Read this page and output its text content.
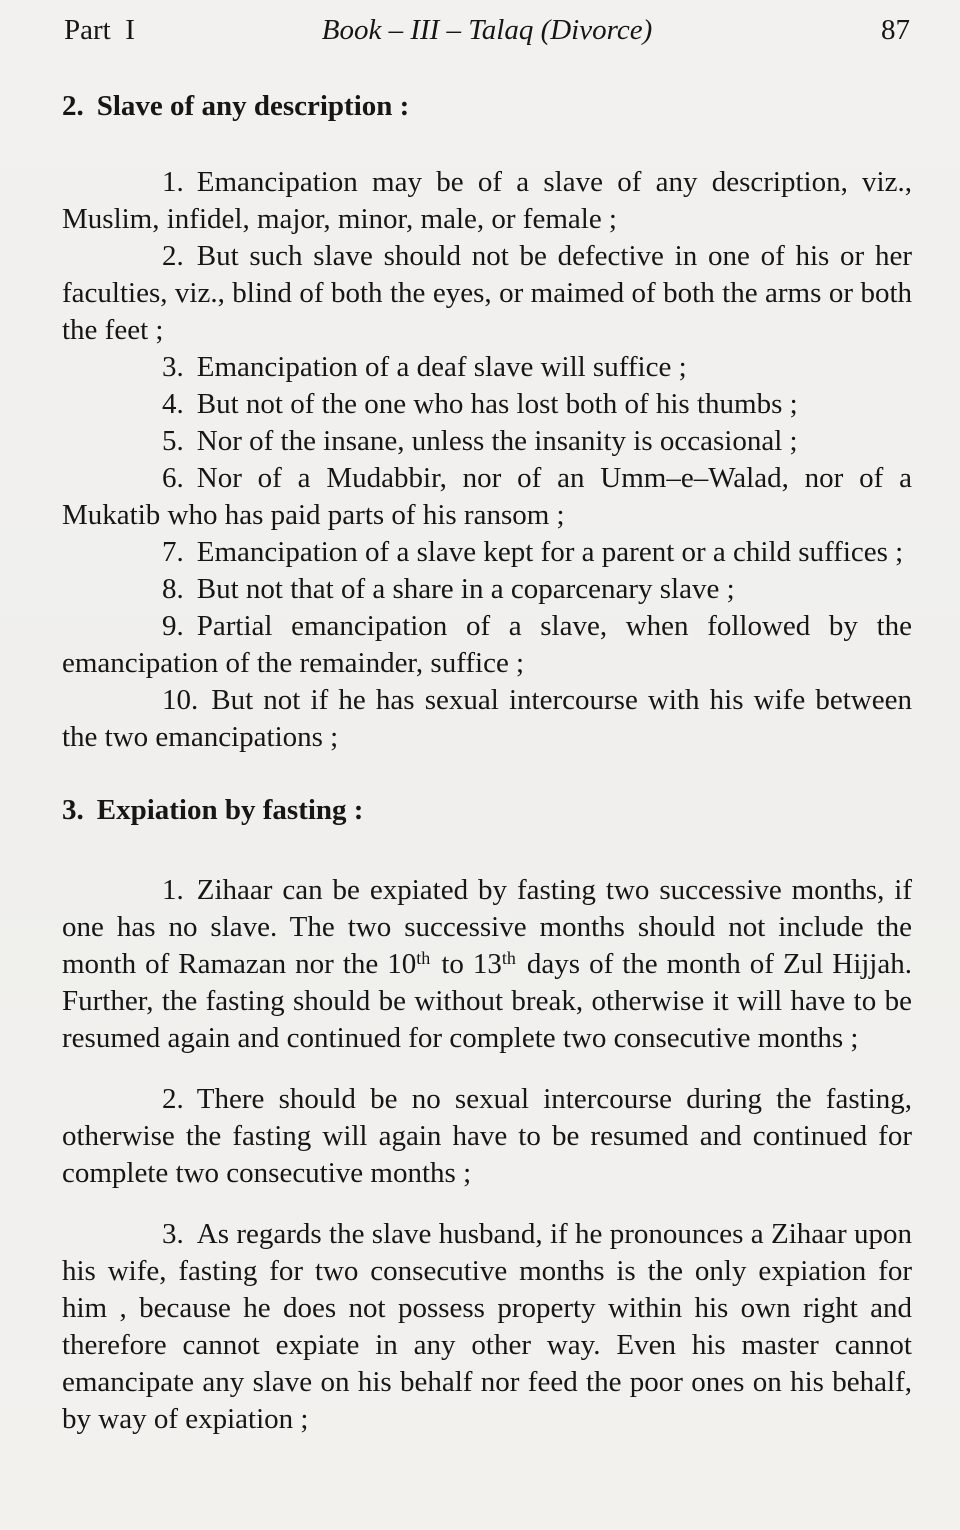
Part  I	Book – III – Talaq (Divorce)	87
2. Slave of any description :

1. Emancipation may be of a slave of any description, viz., Muslim, infidel, major, minor, male, or female ;

2. But such slave should not be defective in one of his or her faculties, viz., blind of both the eyes, or maimed of both the arms or both the feet ;

3. Emancipation of a deaf slave will suffice ;

4. But not of the one who has lost both of his thumbs ;

5. Nor of the insane, unless the insanity is occasional ;

6. Nor of a Mudabbir, nor of an Umm–e–Walad, nor of a Mukatib who has paid parts of his ransom ;

7. Emancipation of a slave kept for a parent or a child suffices ;

8. But not that of a share in a coparcenary slave ;

9. Partial emancipation of a slave, when followed by the emancipation of the remainder, suffice ;

10. But not if he has sexual intercourse with his wife between the two emancipations ;

3. Expiation by fasting :

1. Zihaar can be expiated by fasting two successive months, if one has no slave. The two successive months should not include the month of Ramazan nor the 10th to 13th days of the month of Zul Hijjah. Further, the fasting should be without break, otherwise it will have to be resumed again and continued for complete two consecutive months ;

2. There should be no sexual intercourse during the fasting, otherwise the fasting will again have to be resumed and continued for complete two consecutive months ;

3. As regards the slave husband, if he pronounces a Zihaar upon his wife, fasting for two consecutive months is the only expiation for him , because he does not possess property within his own right and therefore cannot expiate in any other way. Even his master cannot emancipate any slave on his behalf nor feed the poor ones on his behalf, by way of expiation ;
